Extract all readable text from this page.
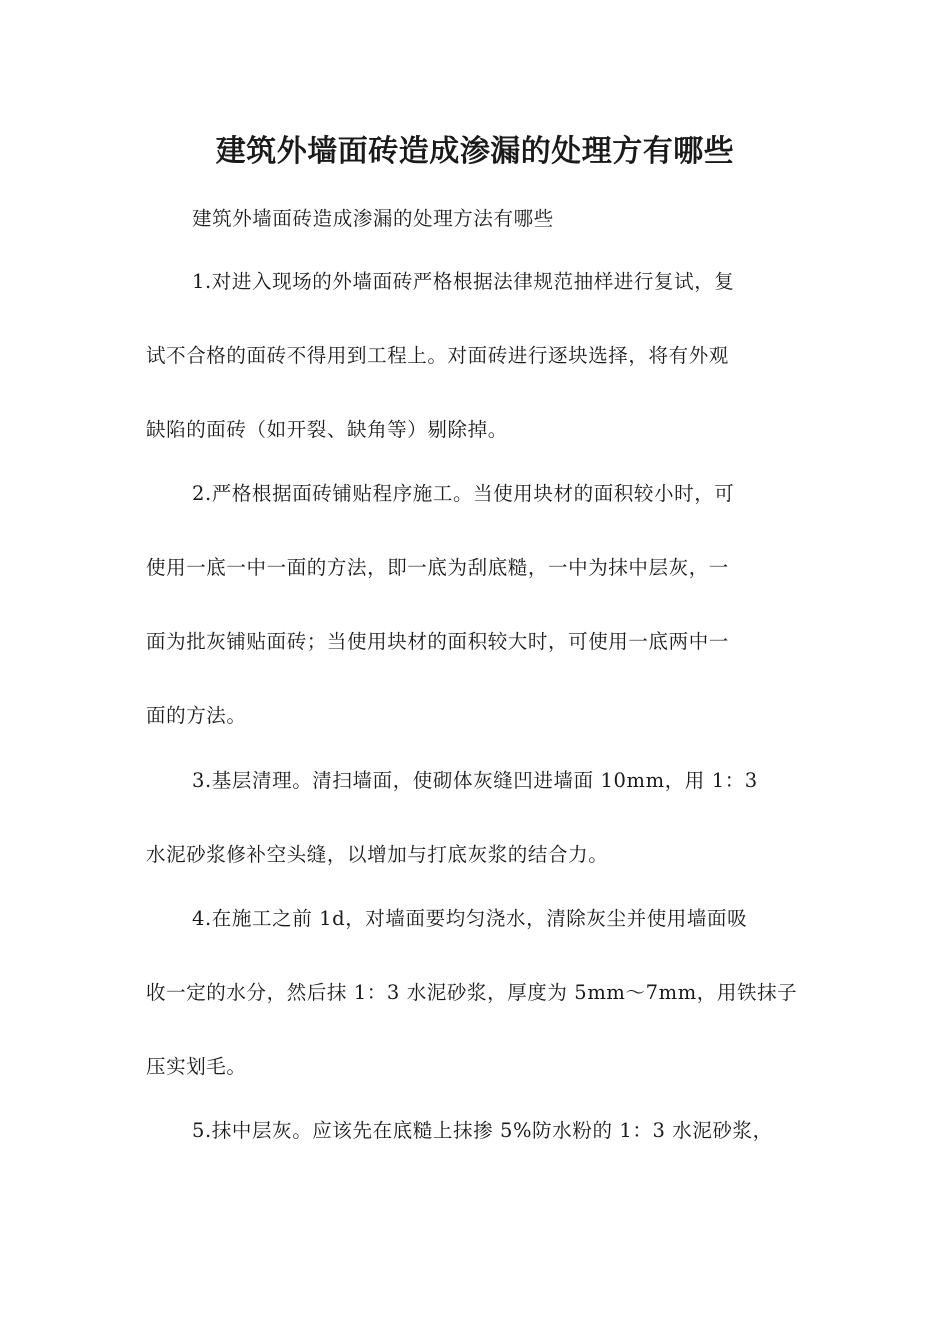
建筑外墙面砖造成渗漏的处理方有哪些
建筑外墙面砖造成渗漏的处理方法有哪些
1.对进入现场的外墙面砖严格根据法律规范抽样进行复试，复
试不合格的面砖不得用到工程上。对面砖进行逐块选择，将有外观
缺陷的面砖（如开裂、缺角等）剔除掉。
2.严格根据面砖铺贴程序施工。当使用块材的面积较小时，可
使用一底一中一面的方法，即一底为刮底糙，一中为抹中层灰，一
面为批灰铺贴面砖；当使用块材的面积较大时，可使用一底两中一
面的方法。
3.基层清理。清扫墙面，使砌体灰缝凹进墙面 10mm，用 1：3
水泥砂浆修补空头缝，以增加与打底灰浆的结合力。
4.在施工之前 1d，对墙面要均匀浇水，清除灰尘并使用墙面吸
收一定的水分，然后抹 1：3 水泥砂浆，厚度为 5mm～7mm，用铁抹子
压实划毛。
5.抹中层灰。应该先在底糙上抹掺 5%防水粉的 1：3 水泥砂浆，
